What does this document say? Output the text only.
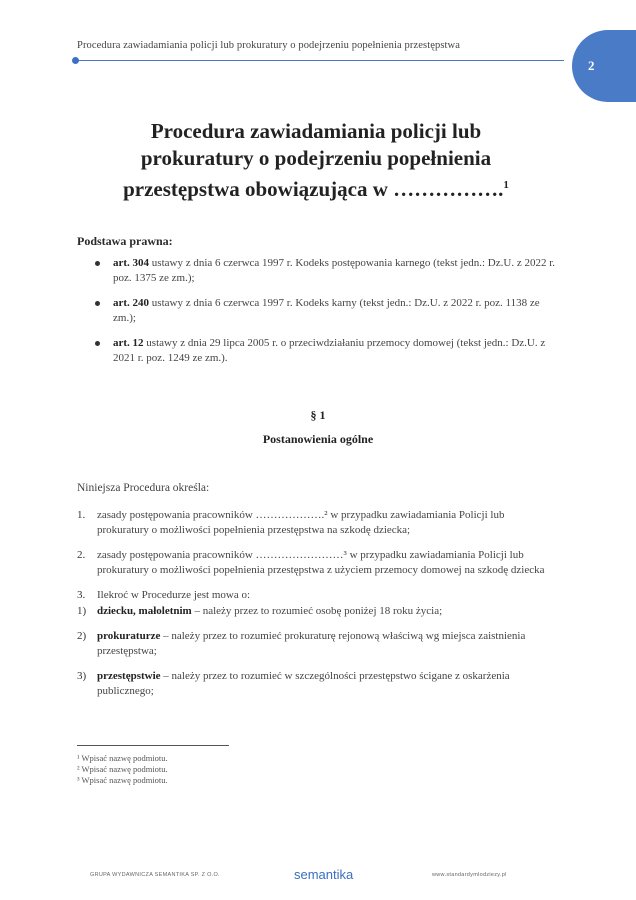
Procedura zawiadamiania policji lub prokuratury o podejrzeniu popełnienia przestępstwa
2
Procedura zawiadamiania policji lub prokuratury o podejrzeniu popełnienia przestępstwa obowiązująca w …………….$^1$
Podstawa prawna:
art. 304 ustawy z dnia 6 czerwca 1997 r. Kodeks postępowania karnego (tekst jedn.: Dz.U. z 2022 r. poz. 1375 ze zm.);
art. 240 ustawy z dnia 6 czerwca 1997 r. Kodeks karny (tekst jedn.: Dz.U. z 2022 r. poz. 1138 ze zm.);
art. 12 ustawy z dnia 29 lipca 2005 r. o przeciwdziałaniu przemocy domowej (tekst jedn.: Dz.U. z 2021 r. poz. 1249 ze zm.).
§ 1
Postanowienia ogólne
Niniejsza Procedura określa:
1. zasady postępowania pracowników ……………….² w przypadku zawiadamiania Policji lub prokuratury o możliwości popełnienia przestępstwa na szkodę dziecka;
2. zasady postępowania pracowników ……………………³ w przypadku zawiadamiania Policji lub prokuratury o możliwości popełnienia przestępstwa z użyciem przemocy domowej na szkodę dziecka
3. Ilekroć w Procedurze jest mowa o:
1) dziecku, małoletnim – należy przez to rozumieć osobę poniżej 18 roku życia;
2) prokuraturze – należy przez to rozumieć prokuraturę rejonową właściwą wg miejsca zaistnienia przestępstwa;
3) przestępstwie – należy przez to rozumieć w szczególności przestępstwo ścigane z oskarżenia publicznego;
¹ Wpisać nazwę podmiotu.
² Wpisać nazwę podmiotu.
³ Wpisać nazwę podmiotu.
GRUPA WYDAWNICZA SEMANTIKA SP. Z O.O.	semantika	www.standardymlodziezy.pl
